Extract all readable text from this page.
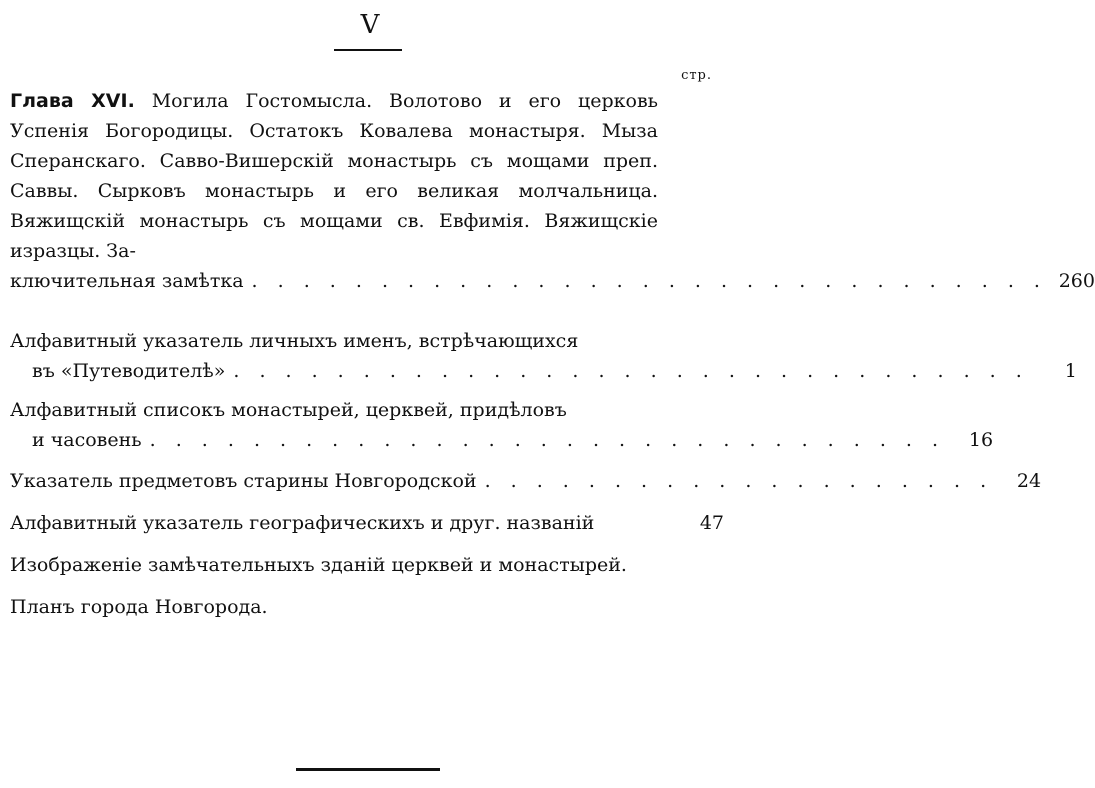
V
стр.
Глава XVI. Могила Гостомысла. Волотово и его церковь Успенія Богородицы. Остатокъ Ковалева монастыря. Мыза Сперанскаго. Савво-Вишерскій монастырь съ мощами преп. Саввы. Сырковъ монастырь и его великая молчальница. Вяжищскій монастырь съ мощами св. Евфимія. Вяжищскіе изразцы. За-
ключительная замѣтка . . . . . . . . . . . . . . . . . . . . . . . . . . . . . . . 260
Алфавитный указатель личныхъ именъ, встрѣчающихся
въ «Путеводителѣ» . . . . . . . . . . . . . . . . . . . . . . . . . . . . . . .	1
Алфавитный списокъ монастырей, церквей, придѣловъ
и часовень . . . . . . . . . . . . . . . . . . . . . . . . . . . . . . .	16
Указатель предметовъ старины Новгородской . . . . . . . . . . . . . . . . . . . .	24
Алфавитный указатель географическихъ и друг. названій	47
Изображеніе замѣчательныхъ зданій церквей и монастырей.
Планъ города Новгорода.
